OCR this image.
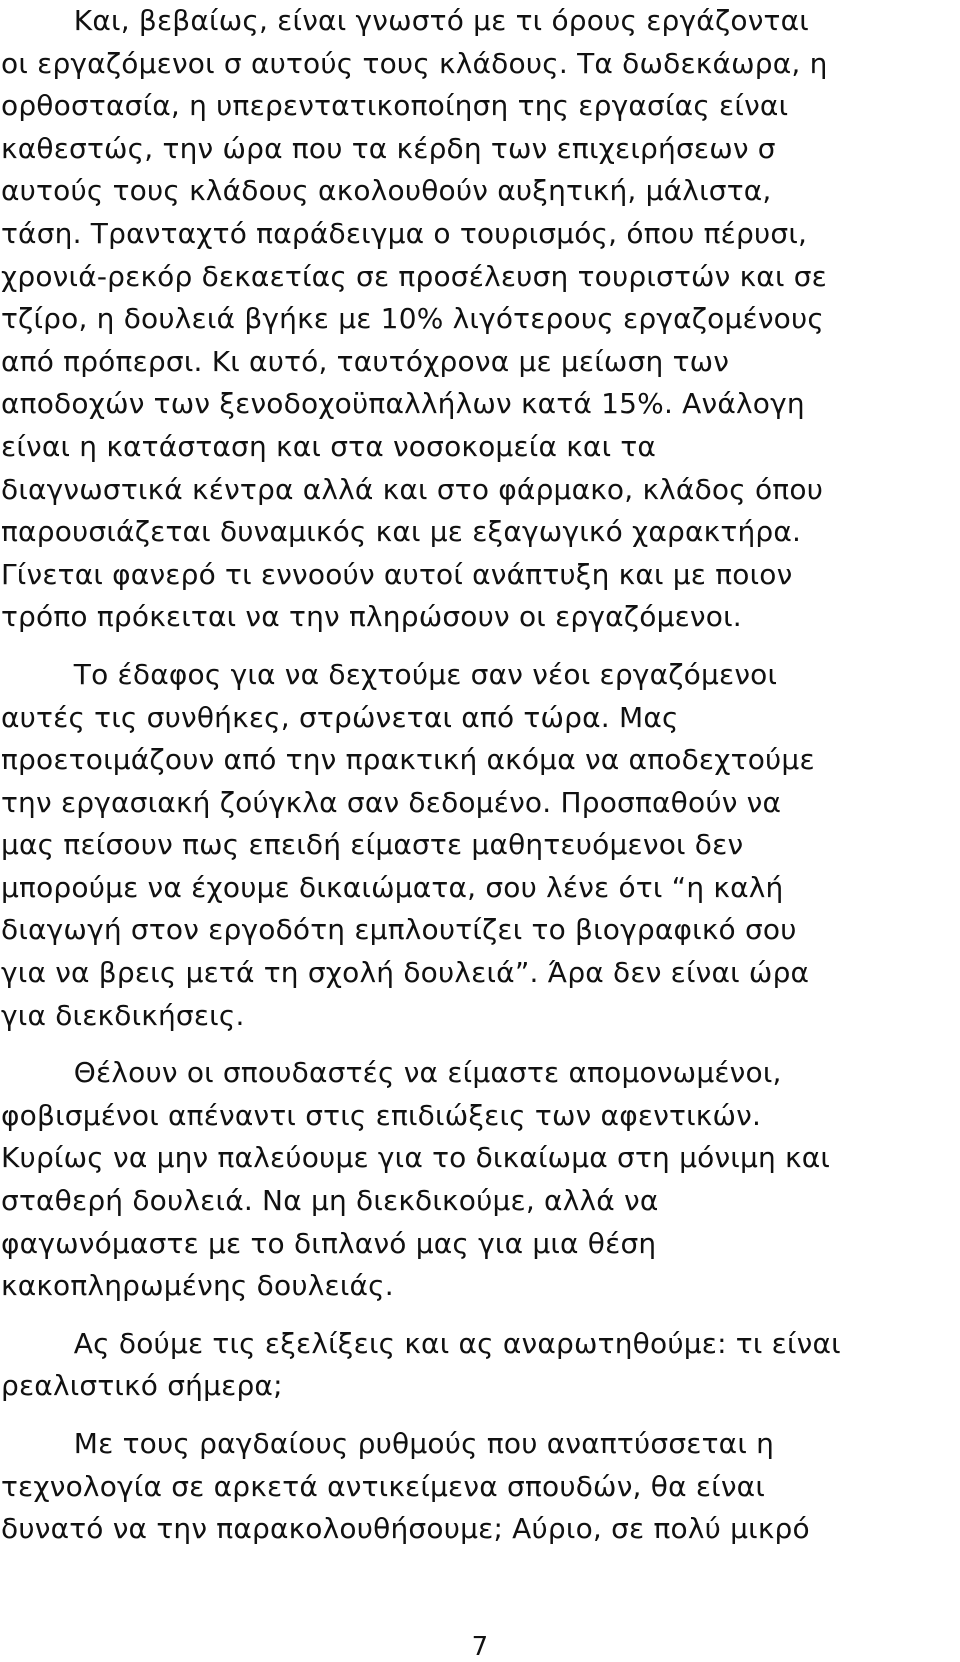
Και, βεβαίως, είναι γνωστό με τι όρους εργάζονται
οι εργαζόμενοι σ αυτούς τους κλάδους. Τα δωδεκάωρα, η
ορθοστασία, η υπερεντατικοποίηση της εργασίας είναι
καθεστώς, την ώρα που τα κέρδη των επιχειρήσεων σ
αυτούς τους κλάδους ακολουθούν αυξητική, μάλιστα,
τάση. Τρανταχτό παράδειγμα ο τουρισμός, όπου πέρυσι,
χρονιά-ρεκόρ δεκαετίας σε προσέλευση τουριστών και σε
τζίρο, η δουλειά βγήκε με 10% λιγότερους εργαζομένους
από πρόπερσι. Κι αυτό, ταυτόχρονα με μείωση των
αποδοχών των ξενοδοχοϋπαλλήλων κατά 15%. Ανάλογη
είναι η κατάσταση και στα νοσοκομεία και τα
διαγνωστικά κέντρα αλλά και στο φάρμακο, κλάδος όπου
παρουσιάζεται δυναμικός και με εξαγωγικό χαρακτήρα.
Γίνεται φανερό τι εννοούν αυτοί ανάπτυξη και με ποιον
τρόπο πρόκειται να την πληρώσουν οι εργαζόμενοι.
Το έδαφος για να δεχτούμε σαν νέοι εργαζόμενοι
αυτές τις συνθήκες, στρώνεται από τώρα. Μας
προετοιμάζουν από την πρακτική ακόμα να αποδεχτούμε
την εργασιακή ζούγκλα σαν δεδομένο. Προσπαθούν να
μας πείσουν πως επειδή είμαστε μαθητευόμενοι δεν
μπορούμε να έχουμε δικαιώματα, σου λένε ότι “η καλή
διαγωγή στον εργοδότη εμπλουτίζει το βιογραφικό σου
για να βρεις μετά τη σχολή δουλειά”. Άρα δεν είναι ώρα
για διεκδικήσεις.
Θέλουν οι σπουδαστές να είμαστε απομονωμένοι,
φοβισμένοι απέναντι στις επιδιώξεις των αφεντικών.
Κυρίως να μην παλεύουμε για το δικαίωμα στη μόνιμη και
σταθερή δουλειά. Να μη διεκδικούμε, αλλά να
φαγωνόμαστε με το διπλανό μας για μια θέση
κακοπληρωμένης δουλειάς.
Ας δούμε τις εξελίξεις και ας αναρωτηθούμε: τι είναι
ρεαλιστικό σήμερα;
Με τους ραγδαίους ρυθμούς που αναπτύσσεται η
τεχνολογία σε αρκετά αντικείμενα σπουδών, θα είναι
δυνατό να την παρακολουθήσουμε; Αύριο, σε πολύ μικρό
7
